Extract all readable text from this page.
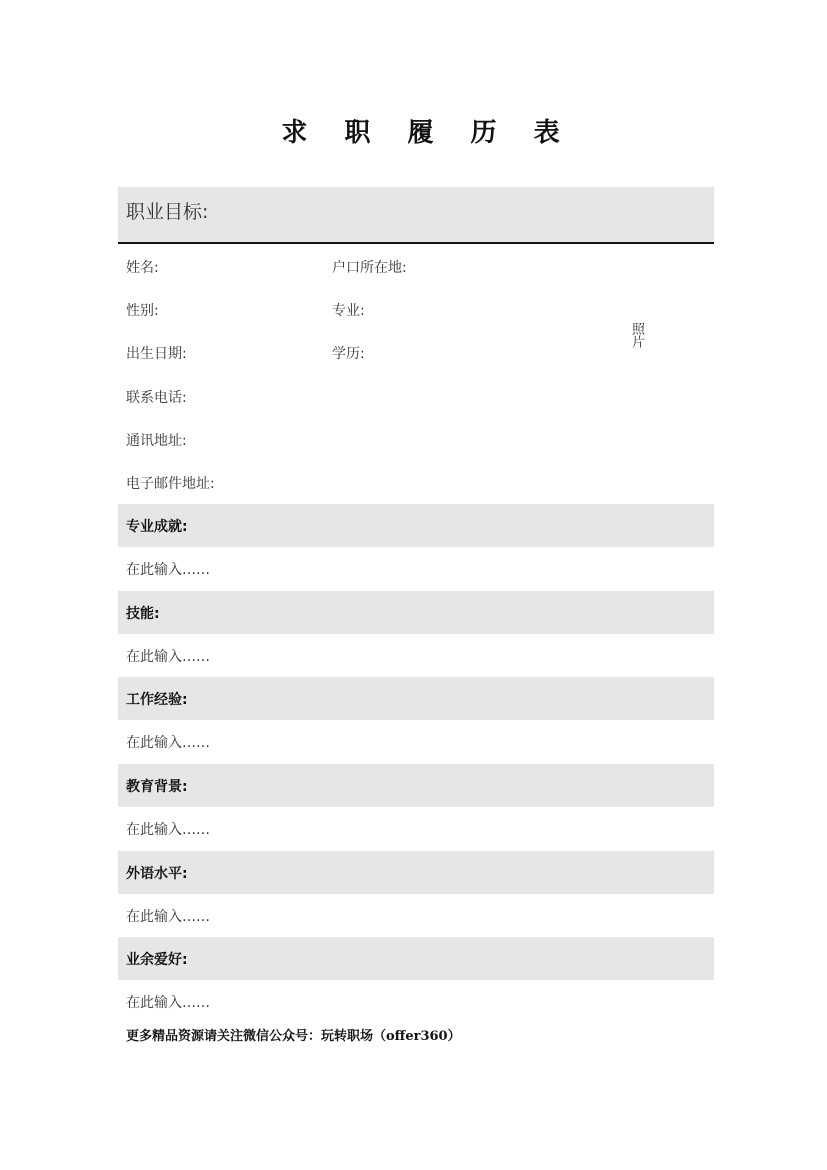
求 职 履 历 表
职业目标:
姓名:	户口所在地:
性别:	专业:
出生日期:	学历:
联系电话:
通讯地址:
电子邮件地址:
照片
专业成就:
在此输入……
技能:
在此输入……
工作经验:
在此输入……
教育背景:
在此输入……
外语水平:
在此输入……
业余爱好:
在此输入……
更多精品资源请关注微信公众号：玩转职场（offer360）
